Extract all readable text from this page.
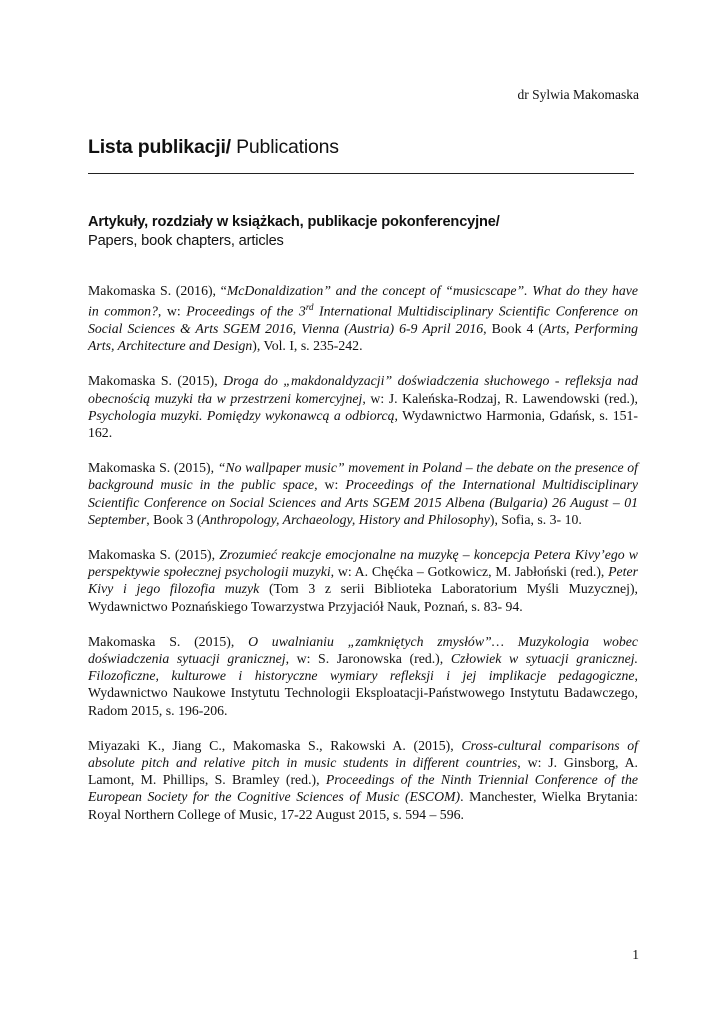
dr Sylwia Makomaska
Lista publikacji/ Publications
Artykuły, rozdziały w książkach, publikacje pokonferencyjne/
Papers, book chapters, articles

Makomaska S. (2016), “McDonaldization” and the concept of “musicscape”. What do they have in common?, w: Proceedings of the 3rd International Multidisciplinary Scientific Conference on Social Sciences & Arts SGEM 2016, Vienna (Austria) 6-9 April 2016, Book 4 (Arts, Performing Arts, Architecture and Design), Vol. I, s. 235-242.

Makomaska S. (2015), Droga do „makdonaldyzacji” doświadczenia słuchowego - refleksja nad obecnością muzyki tła w przestrzeni komercyjnej, w: J. Kaleńska-Rodzaj, R. Lawendowski (red.), Psychologia muzyki. Pomiędzy wykonawcą a odbiorcą, Wydawnictwo Harmonia, Gdańsk, s. 151-162.

Makomaska S. (2015), “No wallpaper music” movement in Poland – the debate on the presence of background music in the public space, w: Proceedings of the International Multidisciplinary Scientific Conference on Social Sciences and Arts SGEM 2015 Albena (Bulgaria) 26 August – 01 September, Book 3 (Anthropology, Archaeology, History and Philosophy), Sofia, s. 3- 10.

Makomaska S. (2015), Zrozumieć reakcje emocjonalne na muzykę – koncepcja Petera Kivy’ego w perspektywie społecznej psychologii muzyki, w: A. Chęćka – Gotkowicz, M. Jabłoński (red.), Peter Kivy i jego filozofia muzyk (Tom 3 z serii Biblioteka Laboratorium Myśli Muzycznej), Wydawnictwo Poznańskiego Towarzystwa Przyjaciół Nauk, Poznań, s. 83- 94.

Makomaska S. (2015), O uwalnianiu „zamkniętych zmysłów”… Muzykologia wobec doświadczenia sytuacji granicznej, w: S. Jaronowska (red.), Człowiek w sytuacji granicznej. Filozoficzne, kulturowe i historyczne wymiary refleksji i jej implikacje pedagogiczne, Wydawnictwo Naukowe Instytutu Technologii Eksploatacji-Państwowego Instytutu Badawczego, Radom 2015, s. 196-206.

Miyazaki K., Jiang C., Makomaska S., Rakowski A. (2015), Cross-cultural comparisons of absolute pitch and relative pitch in music students in different countries, w: J. Ginsborg, A. Lamont, M. Phillips, S. Bramley (red.), Proceedings of the Ninth Triennial Conference of the European Society for the Cognitive Sciences of Music (ESCOM). Manchester, Wielka Brytania: Royal Northern College of Music, 17-22 August 2015, s. 594 – 596.

1
